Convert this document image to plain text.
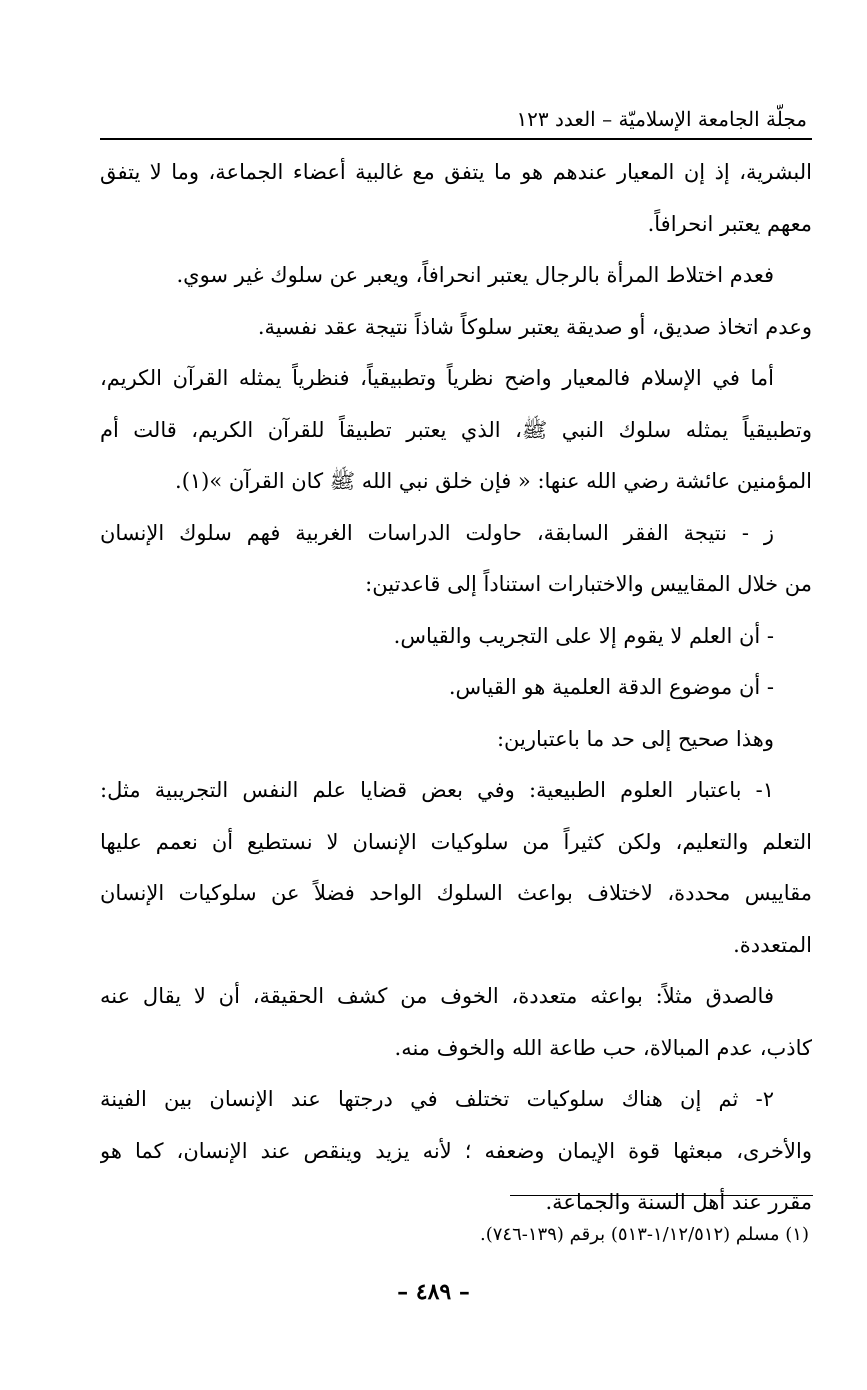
مجلّة الجامعة الإسلاميّة – العدد ١٢٣
البشرية، إذ إن المعيار عندهم هو ما يتفق مع غالبية أعضاء الجماعة، وما لا يتفق
معهم يعتبر انحرافاً.
فعدم اختلاط المرأة بالرجال يعتبر انحرافاً، ويعبر عن سلوك غير سوي.
وعدم اتخاذ صديق، أو صديقة يعتبر سلوكاً شاذاً نتيجة عقد نفسية.
أما في الإسلام فالمعيار واضح نظرياً وتطبيقياً، فنظرياً يمثله القرآن الكريم،
وتطبيقياً يمثله سلوك النبي ﷺ، الذي يعتبر تطبيقاً للقرآن الكريم، قالت أم
المؤمنين عائشة رضي الله عنها: « فإن خلق نبي الله ﷺ كان القرآن »(١).
ز - نتيجة الفقر السابقة، حاولت الدراسات الغربية فهم سلوك الإنسان
من خلال المقاييس والاختبارات استناداً إلى قاعدتين:
- أن العلم لا يقوم إلا على التجريب والقياس.
- أن موضوع الدقة العلمية هو القياس.
وهذا صحيح إلى حد ما باعتبارين:
١- باعتبار العلوم الطبيعية: وفي بعض قضايا علم النفس التجريبية مثل:
التعلم والتعليم، ولكن كثيراً من سلوكيات الإنسان لا نستطيع أن نعمم عليها
مقاييس محددة، لاختلاف بواعث السلوك الواحد فضلاً عن سلوكيات الإنسان
المتعددة.
فالصدق مثلاً: بواعثه متعددة، الخوف من كشف الحقيقة، أن لا يقال عنه
كاذب، عدم المبالاة، حب طاعة الله والخوف منه.
٢- ثم إن هناك سلوكيات تختلف في درجتها عند الإنسان بين الفينة
والأخرى، مبعثها قوة الإيمان وضعفه ؛ لأنه يزيد وينقص عند الإنسان، كما هو
مقرر عند أهل السنة والجماعة.
(١) مسلم (١/١٢/٥١٢-٥١٣) برقم (١٣٩-٧٤٦).
– ٤٨٩ –
